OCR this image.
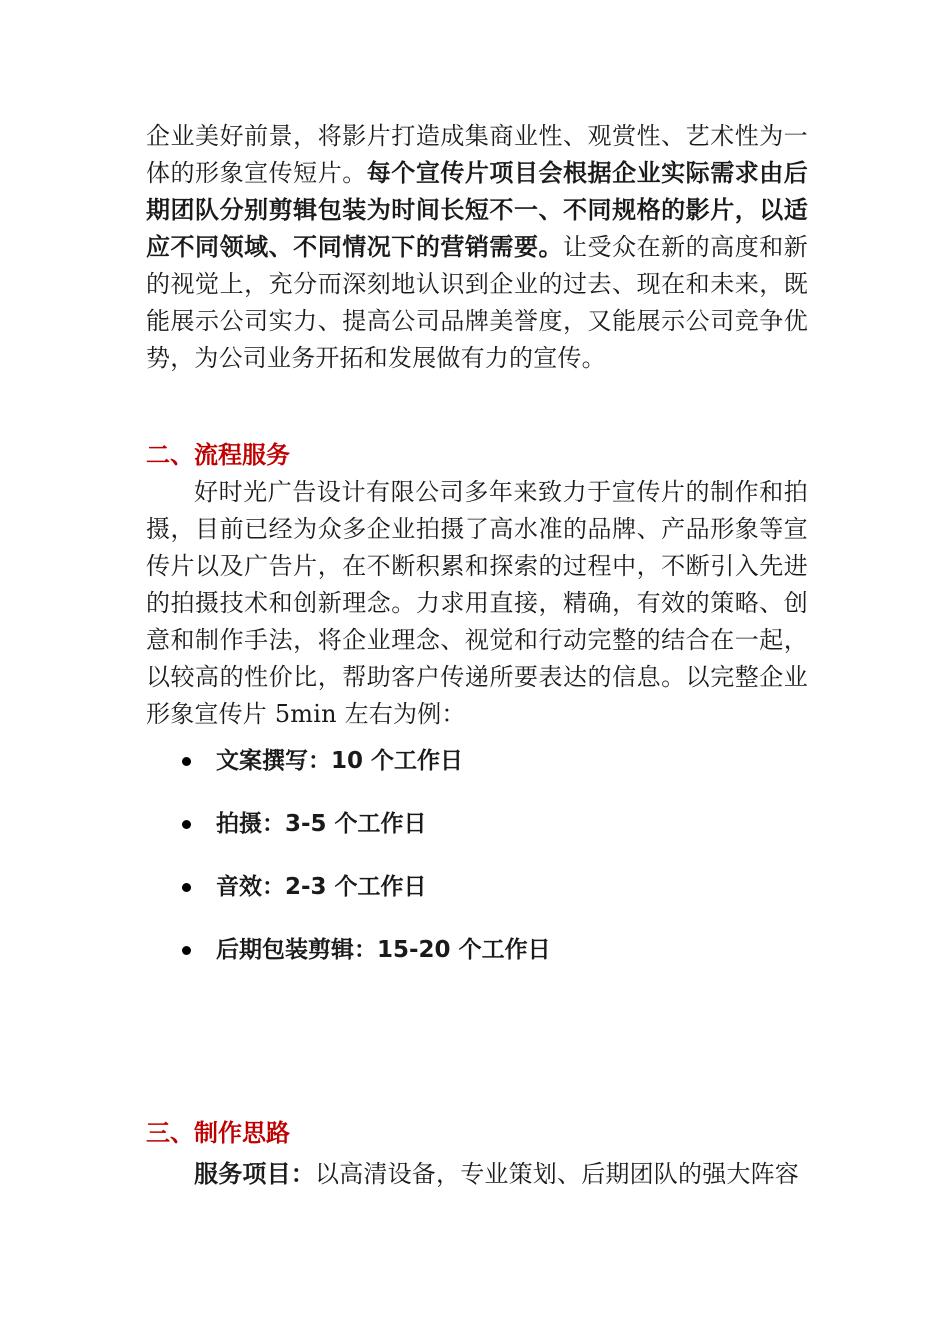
企业美好前景，将影片打造成集商业性、观赏性、艺术性为一体的形象宣传短片。每个宣传片项目会根据企业实际需求由后期团队分别剪辑包装为时间长短不一、不同规格的影片，以适应不同领域、不同情况下的营销需要。让受众在新的高度和新的视觉上，充分而深刻地认识到企业的过去、现在和未来，既能展示公司实力、提高公司品牌美誉度，又能展示公司竞争优势，为公司业务开拓和发展做有力的宣传。

二、流程服务

好时光广告设计有限公司多年来致力于宣传片的制作和拍摄，目前已经为众多企业拍摄了高水准的品牌、产品形象等宣传片以及广告片，在不断积累和探索的过程中，不断引入先进的拍摄技术和创新理念。力求用直接，精确，有效的策略、创意和制作手法，将企业理念、视觉和行动完整的结合在一起，以较高的性价比，帮助客户传递所要表达的信息。以完整企业形象宣传片 5min 左右为例：

文案撰写：10 个工作日
拍摄：3-5 个工作日
音效：2-3 个工作日
后期包装剪辑：15-20 个工作日
三、制作思路

服务项目：以高清设备，专业策划、后期团队的强大阵容
